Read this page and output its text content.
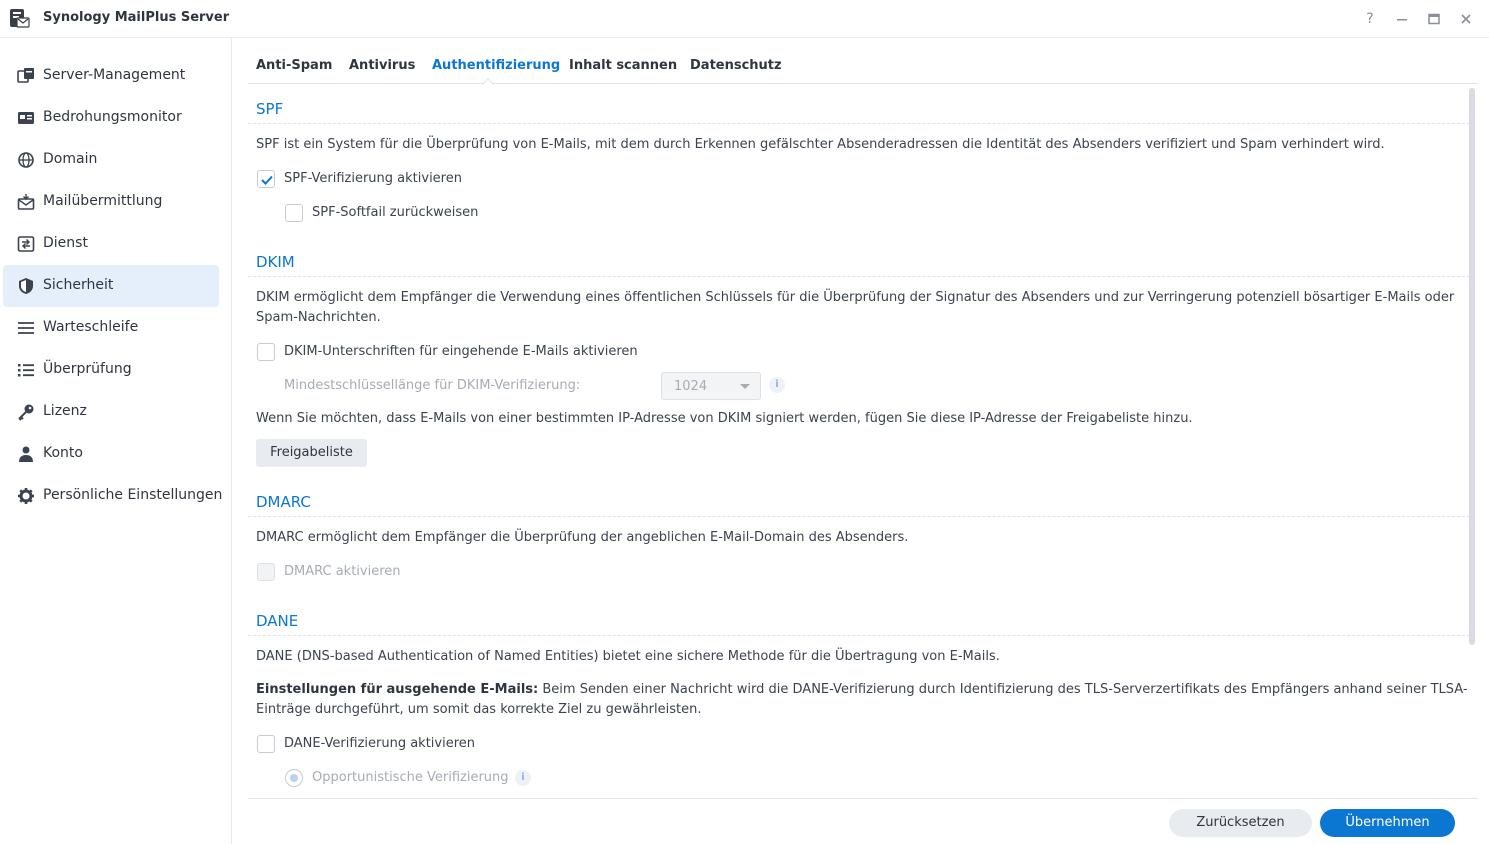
Synology MailPlus Server	?
Server-Management
Bedrohungsmonitor
Domain
Mailübermittlung
Dienst
Sicherheit
Warteschleife
Überprüfung
Lizenz
Konto
Persönliche Einstellungen
Anti-Spam Antivirus Authentifizierung Inhalt scannen Datenschutz
SPF
SPF ist ein System für die Überprüfung von E-Mails, mit dem durch Erkennen gefälschter Absenderadressen die Identität des Absenders verifiziert und Spam verhindert wird.
SPF-Verifizierung aktivieren
SPF-Softfail zurückweisen
DKIM
DKIM ermöglicht dem Empfänger die Verwendung eines öffentlichen Schlüssels für die Überprüfung der Signatur des Absenders und zur Verringerung potenziell bösartiger E-Mails oder Spam-Nachrichten.
DKIM-Unterschriften für eingehende E-Mails aktivieren
Mindestschlüssellänge für DKIM-Verifizierung:	1024	i
Wenn Sie möchten, dass E-Mails von einer bestimmten IP-Adresse von DKIM signiert werden, fügen Sie diese IP-Adresse der Freigabeliste hinzu.
Freigabeliste
DMARC
DMARC ermöglicht dem Empfänger die Überprüfung der angeblichen E-Mail-Domain des Absenders.
DMARC aktivieren
DANE
DANE (DNS-based Authentication of Named Entities) bietet eine sichere Methode für die Übertragung von E-Mails.
Einstellungen für ausgehende E-Mails: Beim Senden einer Nachricht wird die DANE-Verifizierung durch Identifizierung des TLS-Serverzertifikats des Empfängers anhand seiner TLSA-Einträge durchgeführt, um somit das korrekte Ziel zu gewährleisten.
DANE-Verifizierung aktivieren
Opportunistische Verifizierung	i
Zurücksetzen	Übernehmen
